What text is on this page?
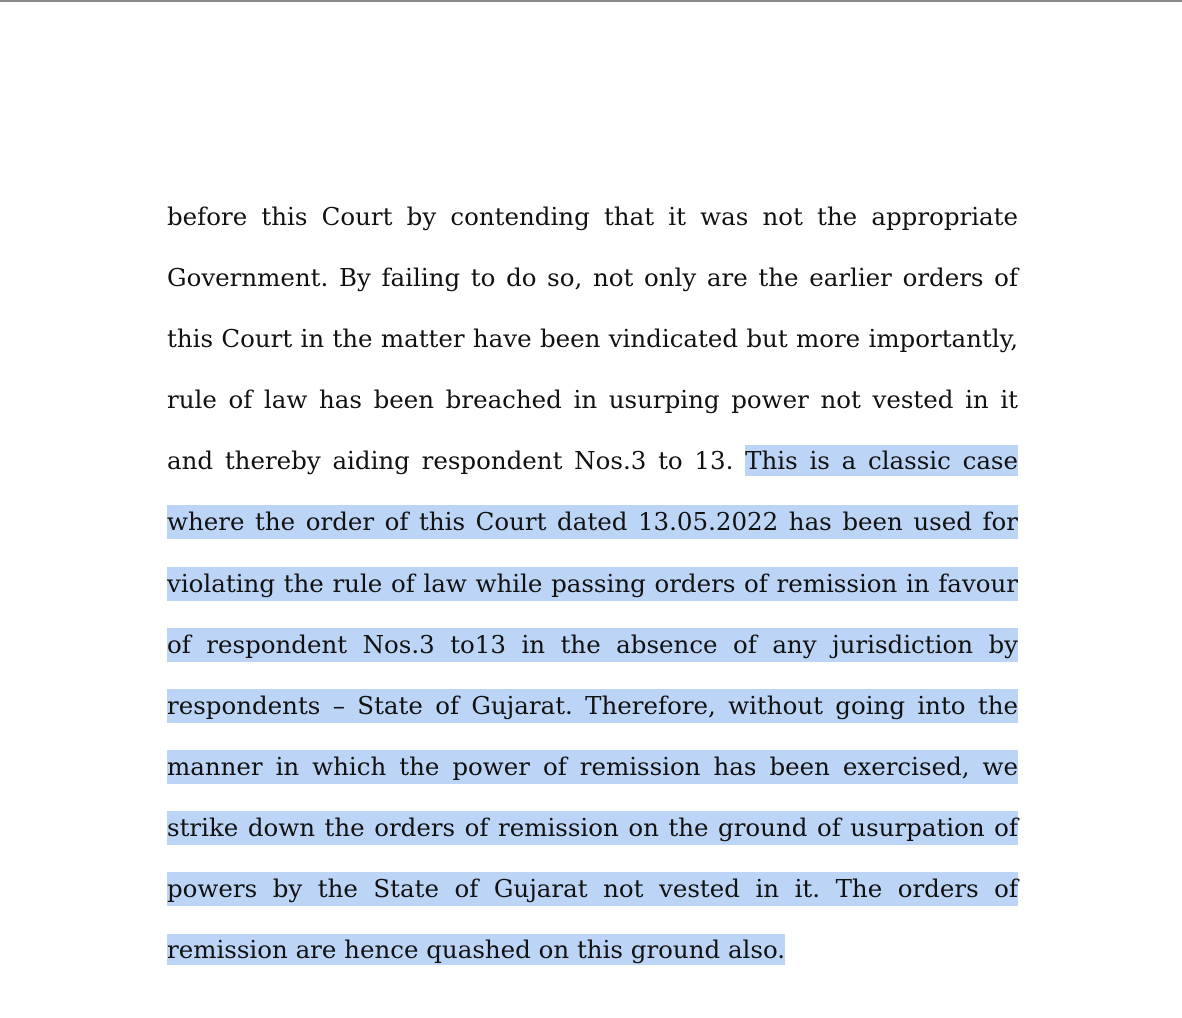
before this Court by contending that it was not the appropriate
Government. By failing to do so, not only are the earlier orders of
this Court in the matter have been vindicated but more importantly,
rule of law has been breached in usurping power not vested in it
and thereby aiding respondent Nos.3 to 13. This is a classic case
where the order of this Court dated 13.05.2022 has been used for
violating the rule of law while passing orders of remission in favour
of respondent Nos.3 to13 in the absence of any jurisdiction by
respondents – State of Gujarat. Therefore, without going into the
manner in which the power of remission has been exercised, we
strike down the orders of remission on the ground of usurpation of
powers by the State of Gujarat not vested in it. The orders of
remission are hence quashed on this ground also.
